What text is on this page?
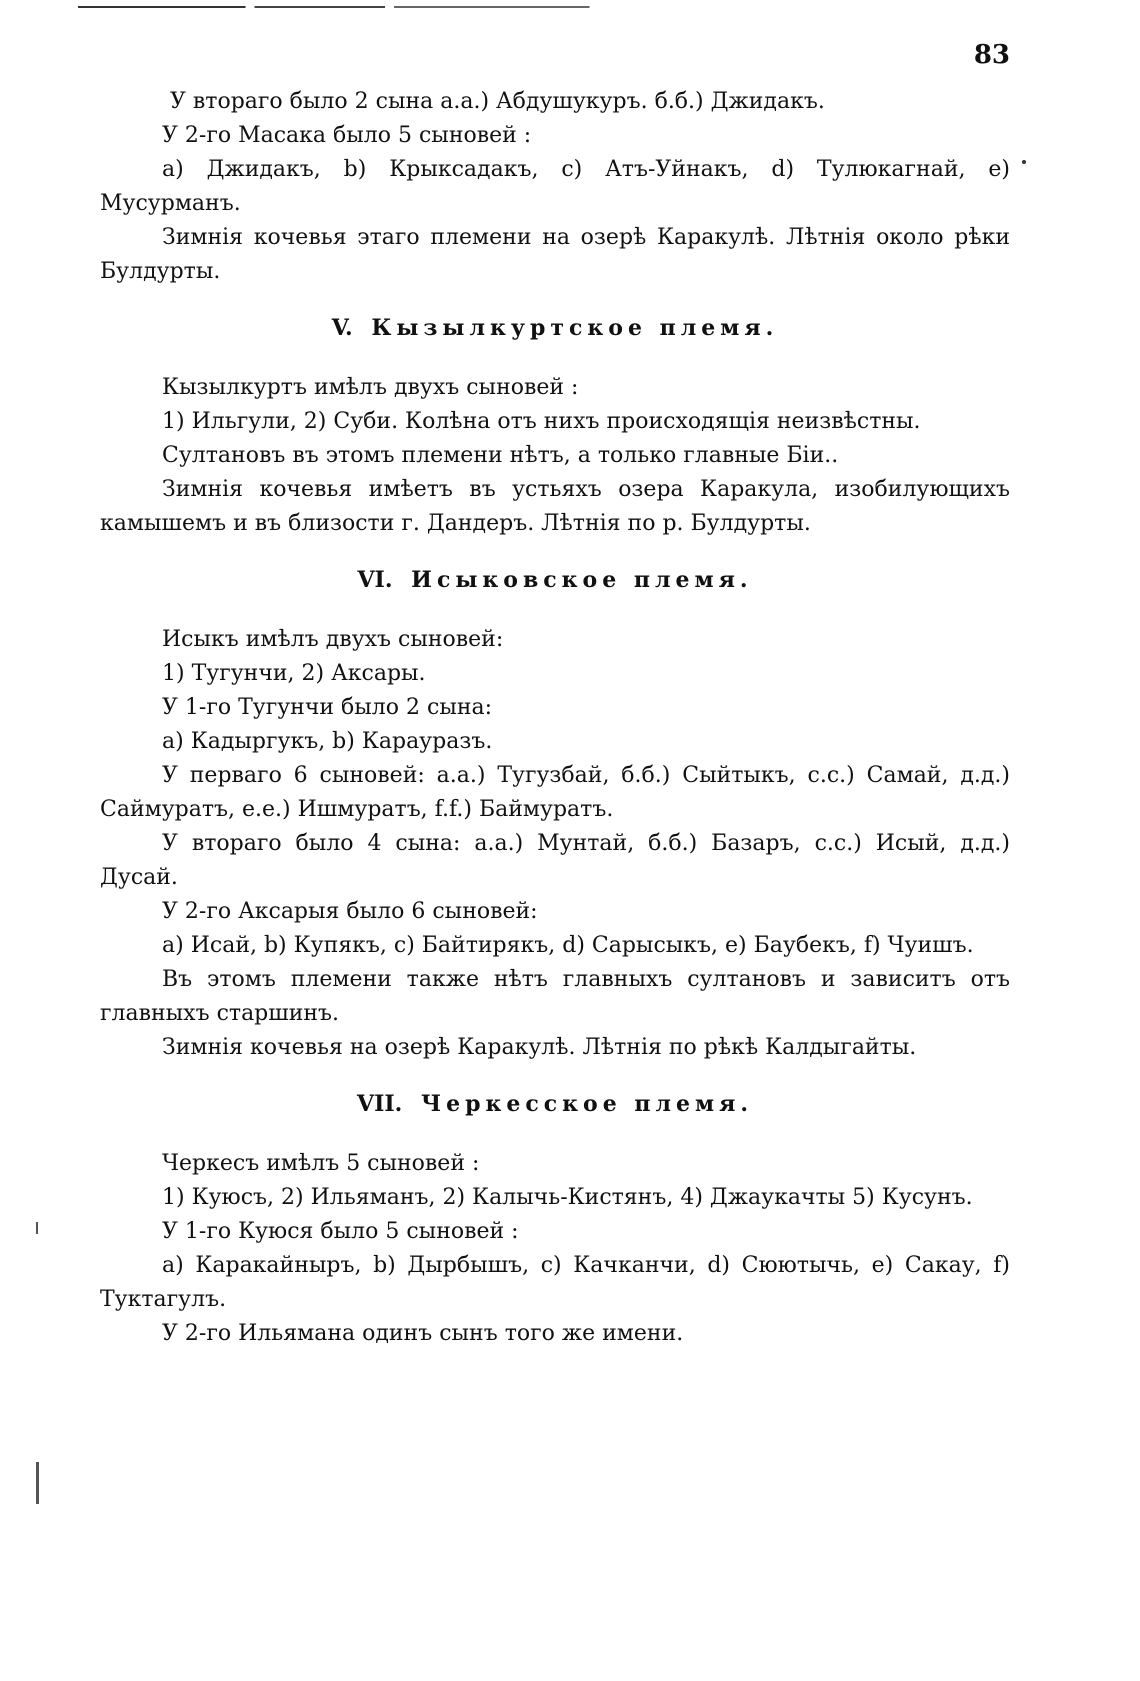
83

У втораго было 2 сына а.а.) Абдушукуръ. б.б.) Джидакъ.

У 2-го Масака было 5 сыновей :

а) Джидакъ, b) Крыксадакъ, c) Атъ-Уйнакъ, d) Тулюкагнай, e) Мусурманъ.

Зимнія кочевья этаго племени на озерѣ Каракулѣ. Лѣтнія около рѣки Булдурты.

V. Кызылкуртское племя.

Кызылкуртъ имѣлъ двухъ сыновей :

1) Ильгули, 2) Суби. Колѣна отъ нихъ происходящія неизвѣстны.

Султановъ въ этомъ племени нѣтъ, а только главные Біи..

Зимнія кочевья имѣетъ въ устьяхъ озера Каракула, изобилующихъ камышемъ и въ близости г. Дандеръ. Лѣтнія по р. Булдурты.

VI. Исыковское племя.

Исыкъ имѣлъ двухъ сыновей:

1) Тугунчи, 2) Аксары.

У 1-го Тугунчи было 2 сына:

а) Кадыргукъ, b) Карауразъ.

У перваго 6 сыновей: а.а.) Тугузбай, б.б.) Сыйтыкъ, с.с.) Самай, д.д.) Саймуратъ, е.е.) Ишмуратъ, f.f.) Баймуратъ.

У втораго было 4 сына: а.а.) Мунтай, б.б.) Базаръ, с.с.) Исый, д.д.) Дусай.

У 2-го Аксарыя было 6 сыновей:

а) Исай, b) Купякъ, c) Байтирякъ, d) Сарысыкъ, e) Баубекъ, f) Чуишъ.

Въ этомъ племени также нѣтъ главныхъ султановъ и зависитъ отъ главныхъ старшинъ.

Зимнія кочевья на озерѣ Каракулѣ. Лѣтнія по рѣкѣ Калдыгайты.

VII. Черкесское племя.

Черкесъ имѣлъ 5 сыновей :

1) Куюсъ, 2) Ильяманъ, 2) Калычь-Кистянъ, 4) Джаукачты 5) Кусунъ.

У 1-го Куюся было 5 сыновей :

а) Каракайныръ, b) Дырбышъ, c) Качканчи, d) Сюютычь, e) Сакау, f) Туктагулъ.

У 2-го Ильямана одинъ сынъ того же имени.
